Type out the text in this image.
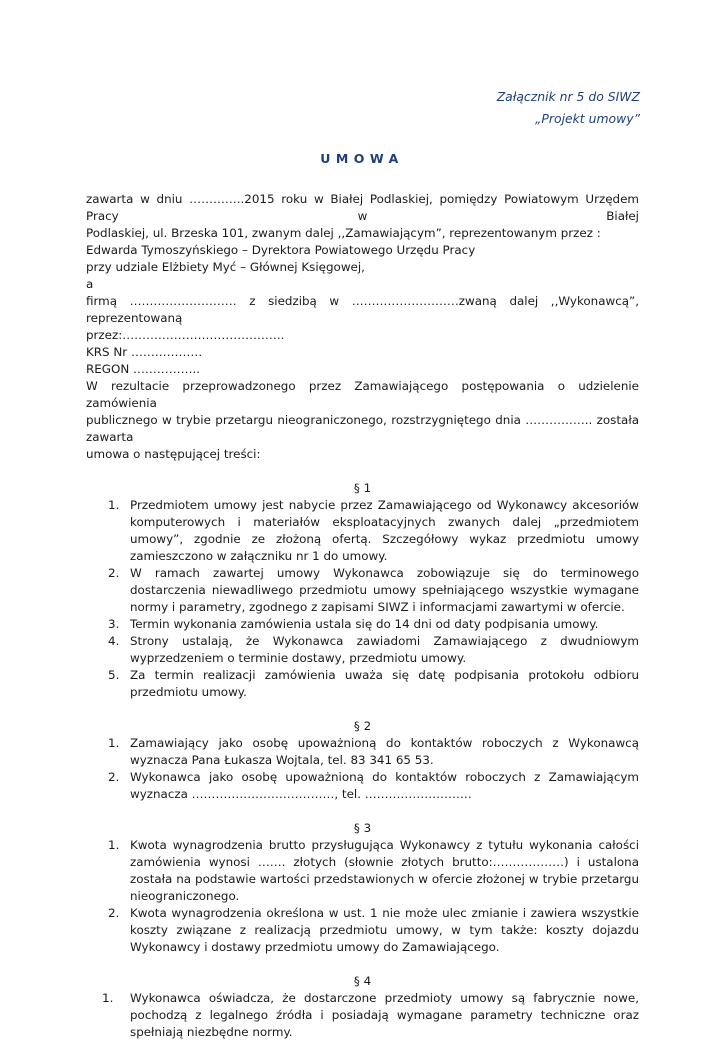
Załącznik nr 5 do SIWZ
„Projekt umowy”
UMOWA
zawarta w dniu …………..2015 roku w Białej Podlaskiej, pomiędzy Powiatowym Urzędem Pracy w Białej
Podlaskiej, ul. Brzeska 101, zwanym dalej ,,Zamawiającym”, reprezentowanym przez :
Edwarda Tymoszyńskiego – Dyrektora Powiatowego Urzędu Pracy
przy udziale Elżbiety Myć – Głównej Księgowej,
a
firmą ……………………… z siedzibą w ………………………zwaną dalej ,,Wykonawcą”, reprezentowaną
przez:…………………………………..
KRS Nr ………………
REGON ……………..
W rezultacie przeprowadzonego przez Zamawiającego postępowania o udzielenie zamówienia
publicznego w trybie przetargu nieograniczonego, rozstrzygniętego dnia …………….. została zawarta
umowa o następującej treści:
§ 1
1. Przedmiotem umowy jest nabycie przez Zamawiającego od Wykonawcy akcesoriów komputerowych i materiałów eksploatacyjnych zwanych dalej „przedmiotem umowy”, zgodnie ze złożoną ofertą. Szczegółowy wykaz przedmiotu umowy zamieszczono w załączniku nr 1 do umowy.
2. W ramach zawartej umowy Wykonawca zobowiązuje się do terminowego dostarczenia niewadliwego przedmiotu umowy spełniającego wszystkie wymagane normy i parametry, zgodnego z zapisami SIWZ i informacjami zawartymi w ofercie.
3. Termin wykonania zamówienia ustala się do 14 dni od daty podpisania umowy.
4. Strony ustalają, że Wykonawca zawiadomi Zamawiającego z dwudniowym wyprzedzeniem o terminie dostawy, przedmiotu umowy.
5. Za termin realizacji zamówienia uważa się datę podpisania protokołu odbioru przedmiotu umowy.
§ 2
1. Zamawiający jako osobę upoważnioną do kontaktów roboczych z Wykonawcą wyznacza Pana Łukasza Wojtala, tel. 83 341 65 53.
2. Wykonawca jako osobę upoważnioną do kontaktów roboczych z Zamawiającym wyznacza ………………………………, tel. ………………………
§ 3
1. Kwota wynagrodzenia brutto przysługująca Wykonawcy z tytułu wykonania całości zamówienia wynosi ……. złotych (słownie złotych brutto:………………) i ustalona została na podstawie wartości przedstawionych w ofercie złożonej w trybie przetargu nieograniczonego.
2. Kwota wynagrodzenia określona w ust. 1 nie może ulec zmianie i zawiera wszystkie koszty związane z realizacją przedmiotu umowy, w tym także: koszty dojazdu Wykonawcy i dostawy przedmiotu umowy do Zamawiającego.
§ 4
1. Wykonawca oświadcza, że dostarczone przedmioty umowy są fabrycznie nowe, pochodzą z legalnego źródła i posiadają wymagane parametry techniczne oraz spełniają niezbędne normy.
